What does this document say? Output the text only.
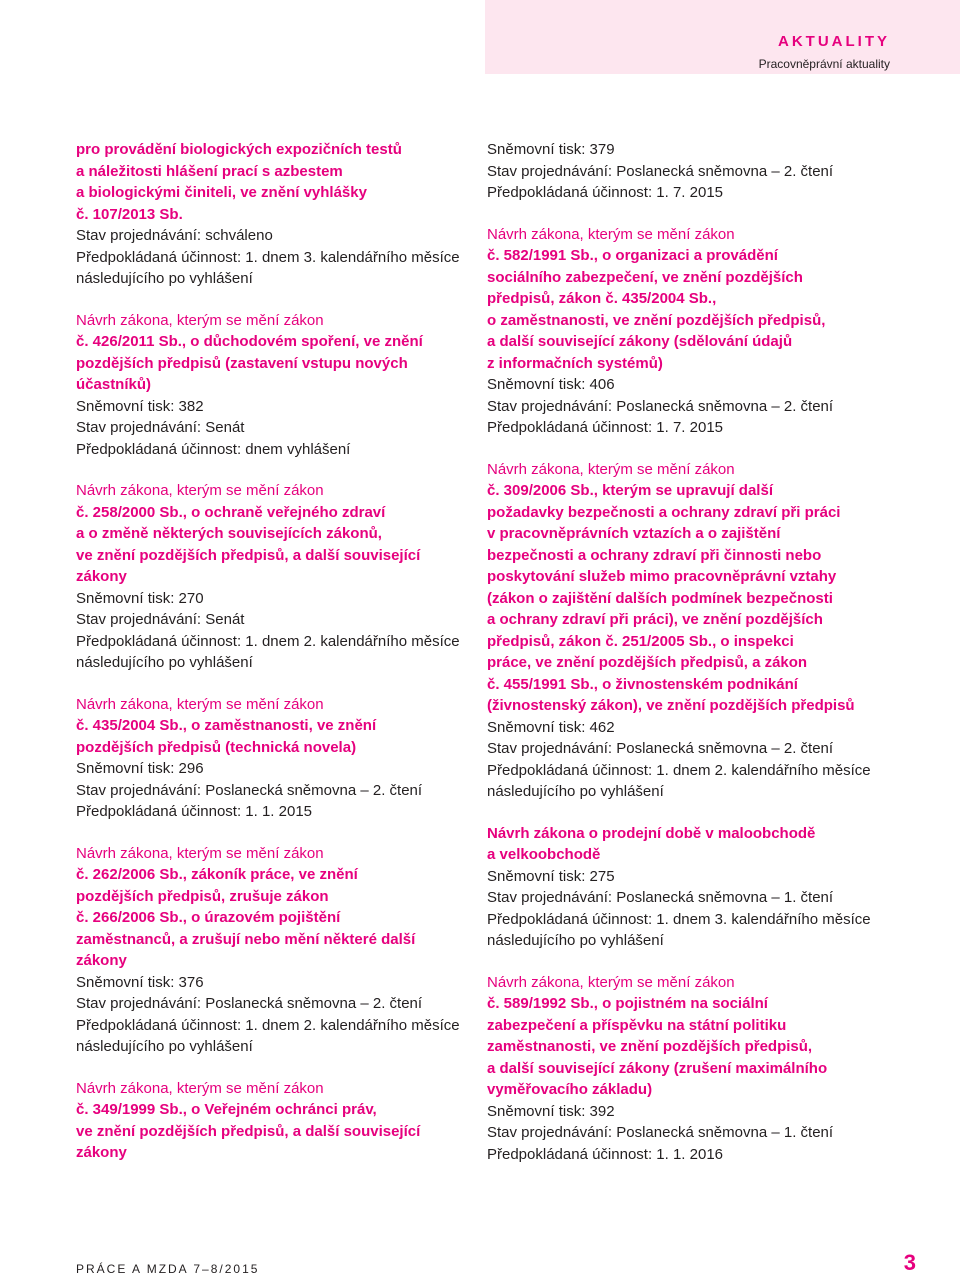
AKTUALITY
Pracovněprávní aktuality
pro provádění biologických expozičních testů
a náležitosti hlášení prací s azbestem
a biologickými činiteli, ve znění vyhlášky
č. 107/2013 Sb.
Stav projednávání: schváleno
Předpokládaná účinnost: 1. dnem 3. kalendářního měsíce
následujícího po vyhlášení
Návrh zákona, kterým se mění zákon
č. 426/2011 Sb., o důchodovém spoření, ve znění
pozdějších předpisů (zastavení vstupu nových
účastníků)
Sněmovní tisk: 382
Stav projednávání: Senát
Předpokládaná účinnost: dnem vyhlášení
Návrh zákona, kterým se mění zákon
č. 258/2000 Sb., o ochraně veřejného zdraví
a o změně některých souvisejících zákonů,
ve znění pozdějších předpisů, a další související
zákony
Sněmovní tisk: 270
Stav projednávání: Senát
Předpokládaná účinnost: 1. dnem 2. kalendářního měsíce
následujícího po vyhlášení
Návrh zákona, kterým se mění zákon
č. 435/2004 Sb., o zaměstnanosti, ve znění
pozdějších předpisů (technická novela)
Sněmovní tisk: 296
Stav projednávání: Poslanecká sněmovna – 2. čtení
Předpokládaná účinnost: 1. 1. 2015
Návrh zákona, kterým se mění zákon
č. 262/2006 Sb., zákoník práce, ve znění
pozdějších předpisů, zrušuje zákon
č. 266/2006 Sb., o úrazovém pojištění
zaměstnanců, a zrušují nebo mění některé další
zákony
Sněmovní tisk: 376
Stav projednávání: Poslanecká sněmovna – 2. čtení
Předpokládaná účinnost: 1. dnem 2. kalendářního měsíce
následujícího po vyhlášení
Návrh zákona, kterým se mění zákon
č. 349/1999 Sb., o Veřejném ochránci práv,
ve znění pozdějších předpisů, a další související
zákony
Sněmovní tisk: 379
Stav projednávání: Poslanecká sněmovna – 2. čtení
Předpokládaná účinnost: 1. 7. 2015
Návrh zákona, kterým se mění zákon
č. 582/1991 Sb., o organizaci a provádění
sociálního zabezpečení, ve znění pozdějších
předpisů, zákon č. 435/2004 Sb.,
o zaměstnanosti, ve znění pozdějších předpisů,
a další související zákony (sdělování údajů
z informačních systémů)
Sněmovní tisk: 406
Stav projednávání: Poslanecká sněmovna – 2. čtení
Předpokládaná účinnost: 1. 7. 2015
Návrh zákona, kterým se mění zákon
č. 309/2006 Sb., kterým se upravují další
požadavky bezpečnosti a ochrany zdraví při práci
v pracovněprávních vztazích a o zajištění
bezpečnosti a ochrany zdraví při činnosti nebo
poskytování služeb mimo pracovněprávní vztahy
(zákon o zajištění dalších podmínek bezpečnosti
a ochrany zdraví při práci), ve znění pozdějších
předpisů, zákon č. 251/2005 Sb., o inspekci
práce, ve znění pozdějších předpisů, a zákon
č. 455/1991 Sb., o živnostenském podnikání
(živnostenský zákon), ve znění pozdějších předpisů
Sněmovní tisk: 462
Stav projednávání: Poslanecká sněmovna – 2. čtení
Předpokládaná účinnost: 1. dnem 2. kalendářního měsíce
následujícího po vyhlášení
Návrh zákona o prodejní době v maloobchodě
a velkoobchodě
Sněmovní tisk: 275
Stav projednávání: Poslanecká sněmovna – 1. čtení
Předpokládaná účinnost: 1. dnem 3. kalendářního měsíce
následujícího po vyhlášení
Návrh zákona, kterým se mění zákon
č. 589/1992 Sb., o pojistném na sociální
zabezpečení a příspěvku na státní politiku
zaměstnanosti, ve znění pozdějších předpisů,
a další související zákony (zrušení maximálního
vyměřovacího základu)
Sněmovní tisk: 392
Stav projednávání: Poslanecká sněmovna – 1. čtení
Předpokládaná účinnost: 1. 1. 2016
PRÁCE A MZDA 7–8/2015	3
